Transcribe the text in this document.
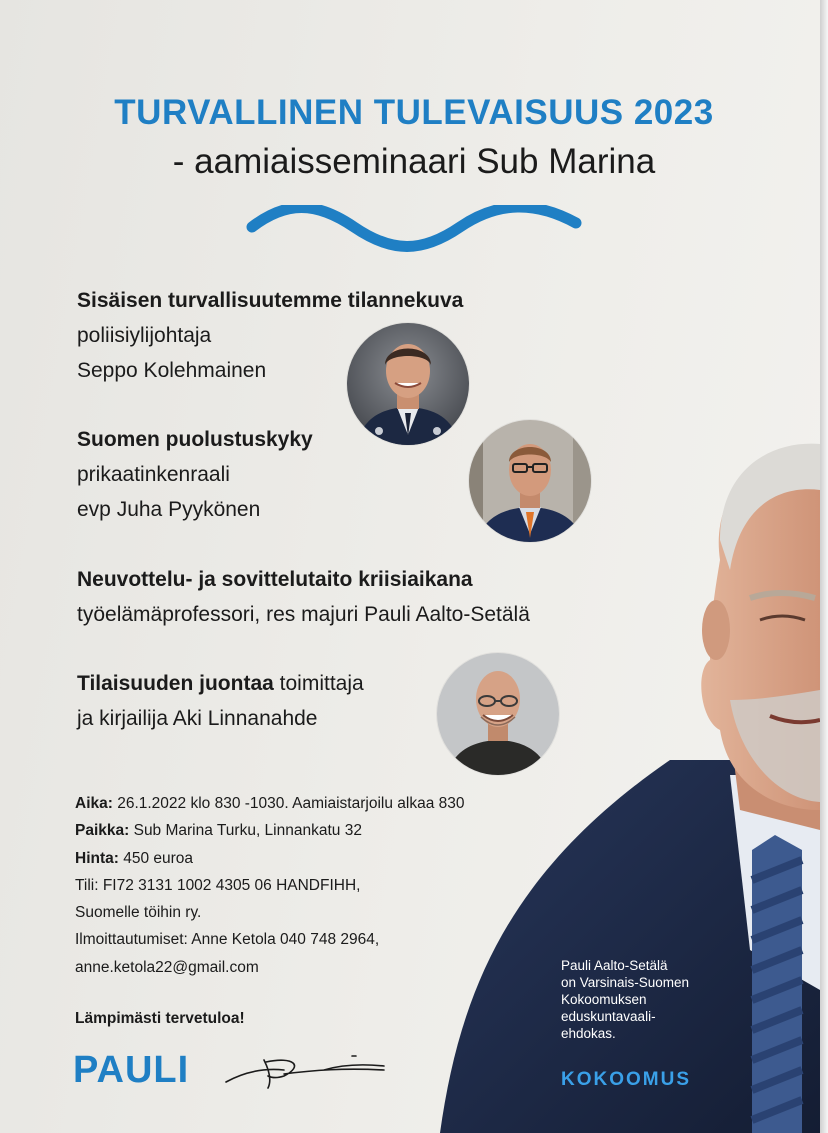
TURVALLINEN TULEVAISUUS 2023
- aamiaisseminaari Sub Marina
Sisäisen turvallisuutemme tilannekuva
poliisiylijohtaja
Seppo Kolehmainen
Suomen puolustuskyky
prikaatinkenraali
evp Juha Pyykönen
Neuvottelu- ja sovittelutaito kriisiaikana
työelämäprofessori, res majuri Pauli Aalto-Setälä
Tilaisuuden juontaa toimittaja
ja kirjailija Aki Linnanahde
Aika: 26.1.2022 klo 830 -1030. Aamiaistarjoilu alkaa 830
Paikka: Sub Marina Turku, Linnankatu 32
Hinta: 450 euroa
Tili: FI72 3131 1002 4305 06 HANDFIHH,
Suomelle töihin ry.
Ilmoittautumiset: Anne Ketola 040 748 2964,
anne.ketola22@gmail.com
Lämpimästi tervetuloa!
PAULI
Pauli Aalto-Setälä
on Varsinais-Suomen
Kokoomuksen
eduskuntavaali-
ehdokas.
KOKOOMUS
